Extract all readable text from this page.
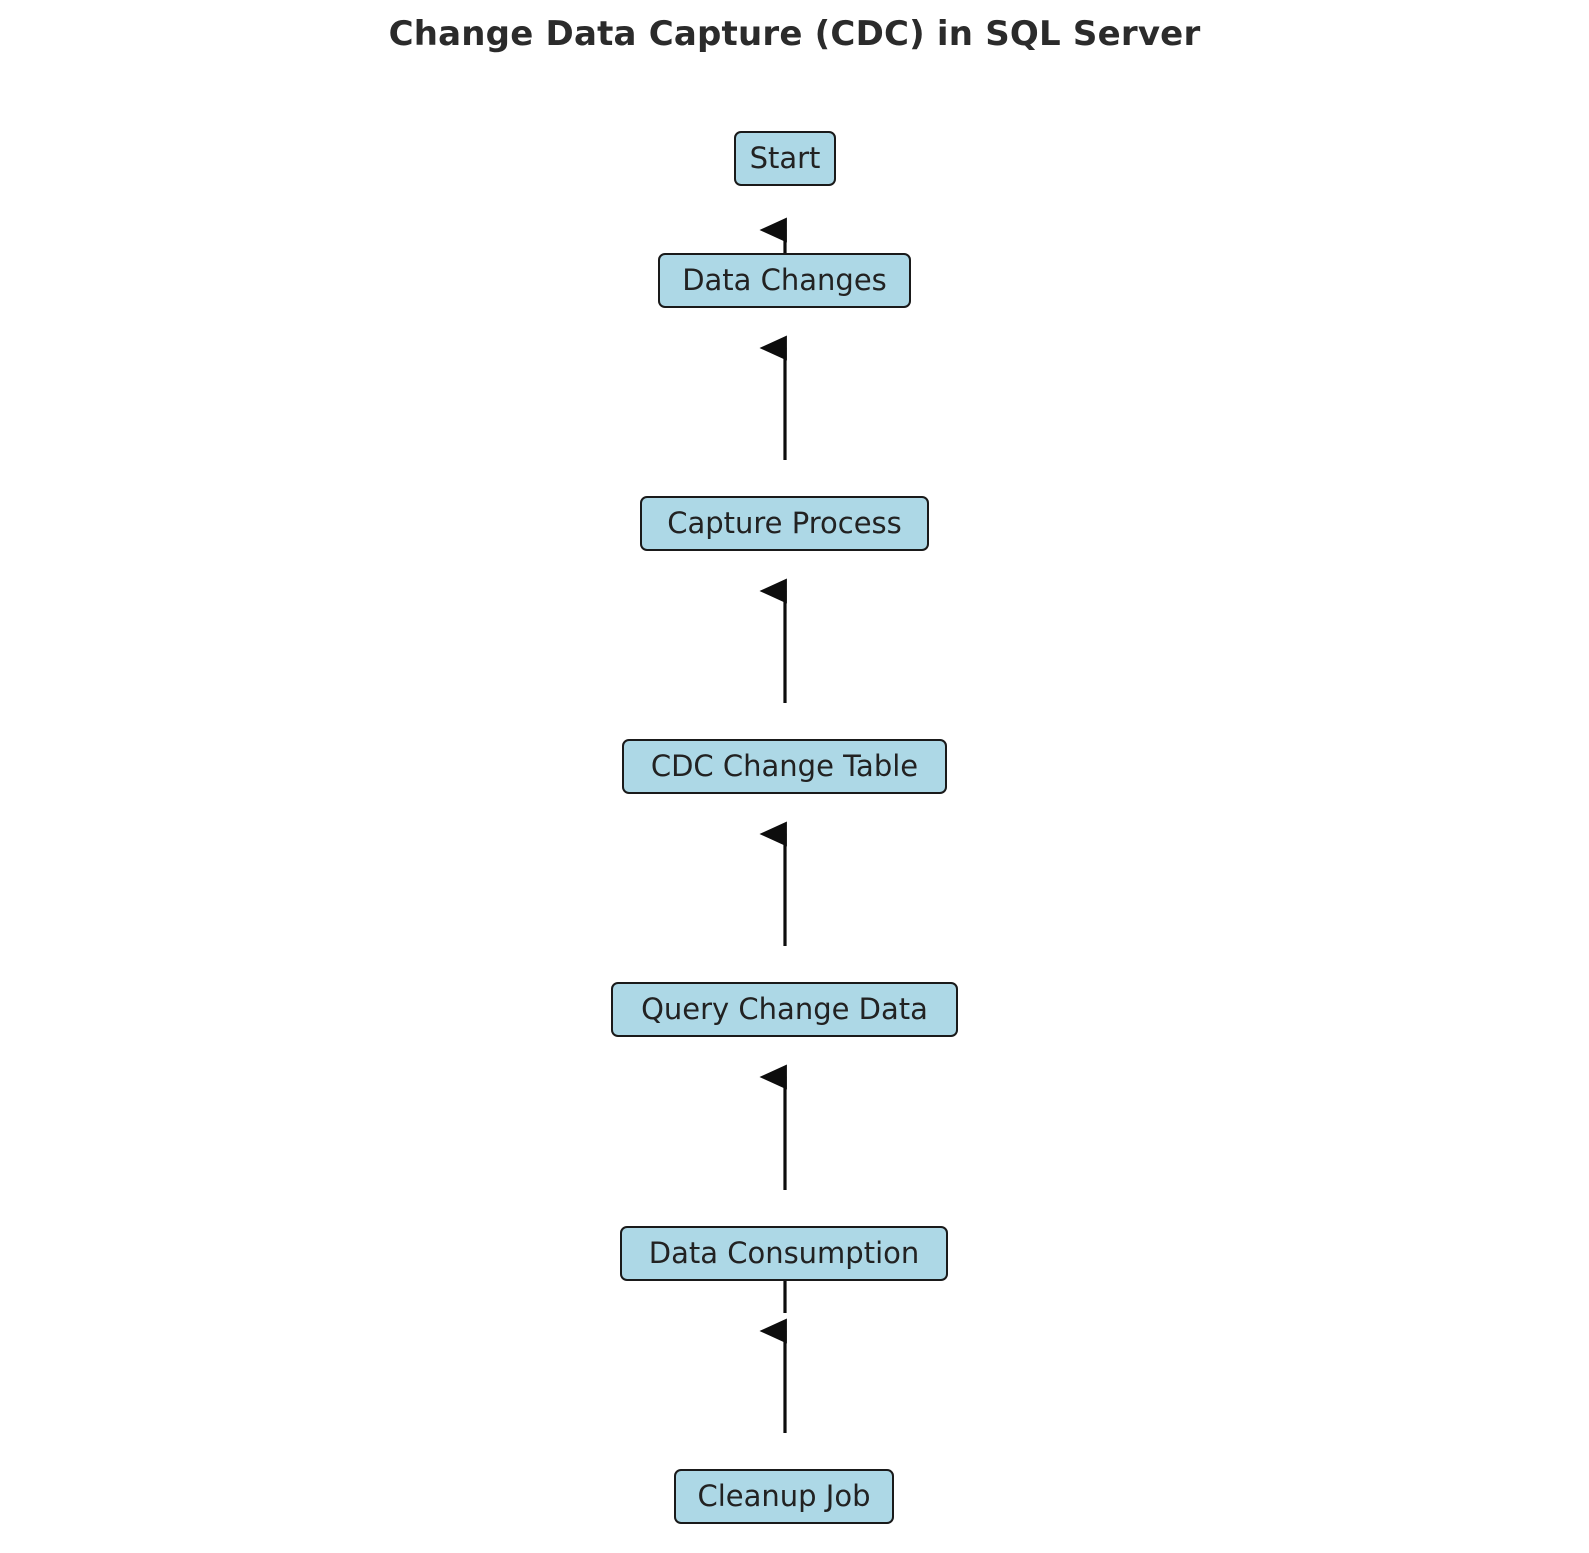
Change Data Capture (CDC) in SQL Server
Start
Data Changes
Capture Process
CDC Change Table
Query Change Data
Data Consumption
Cleanup Job
